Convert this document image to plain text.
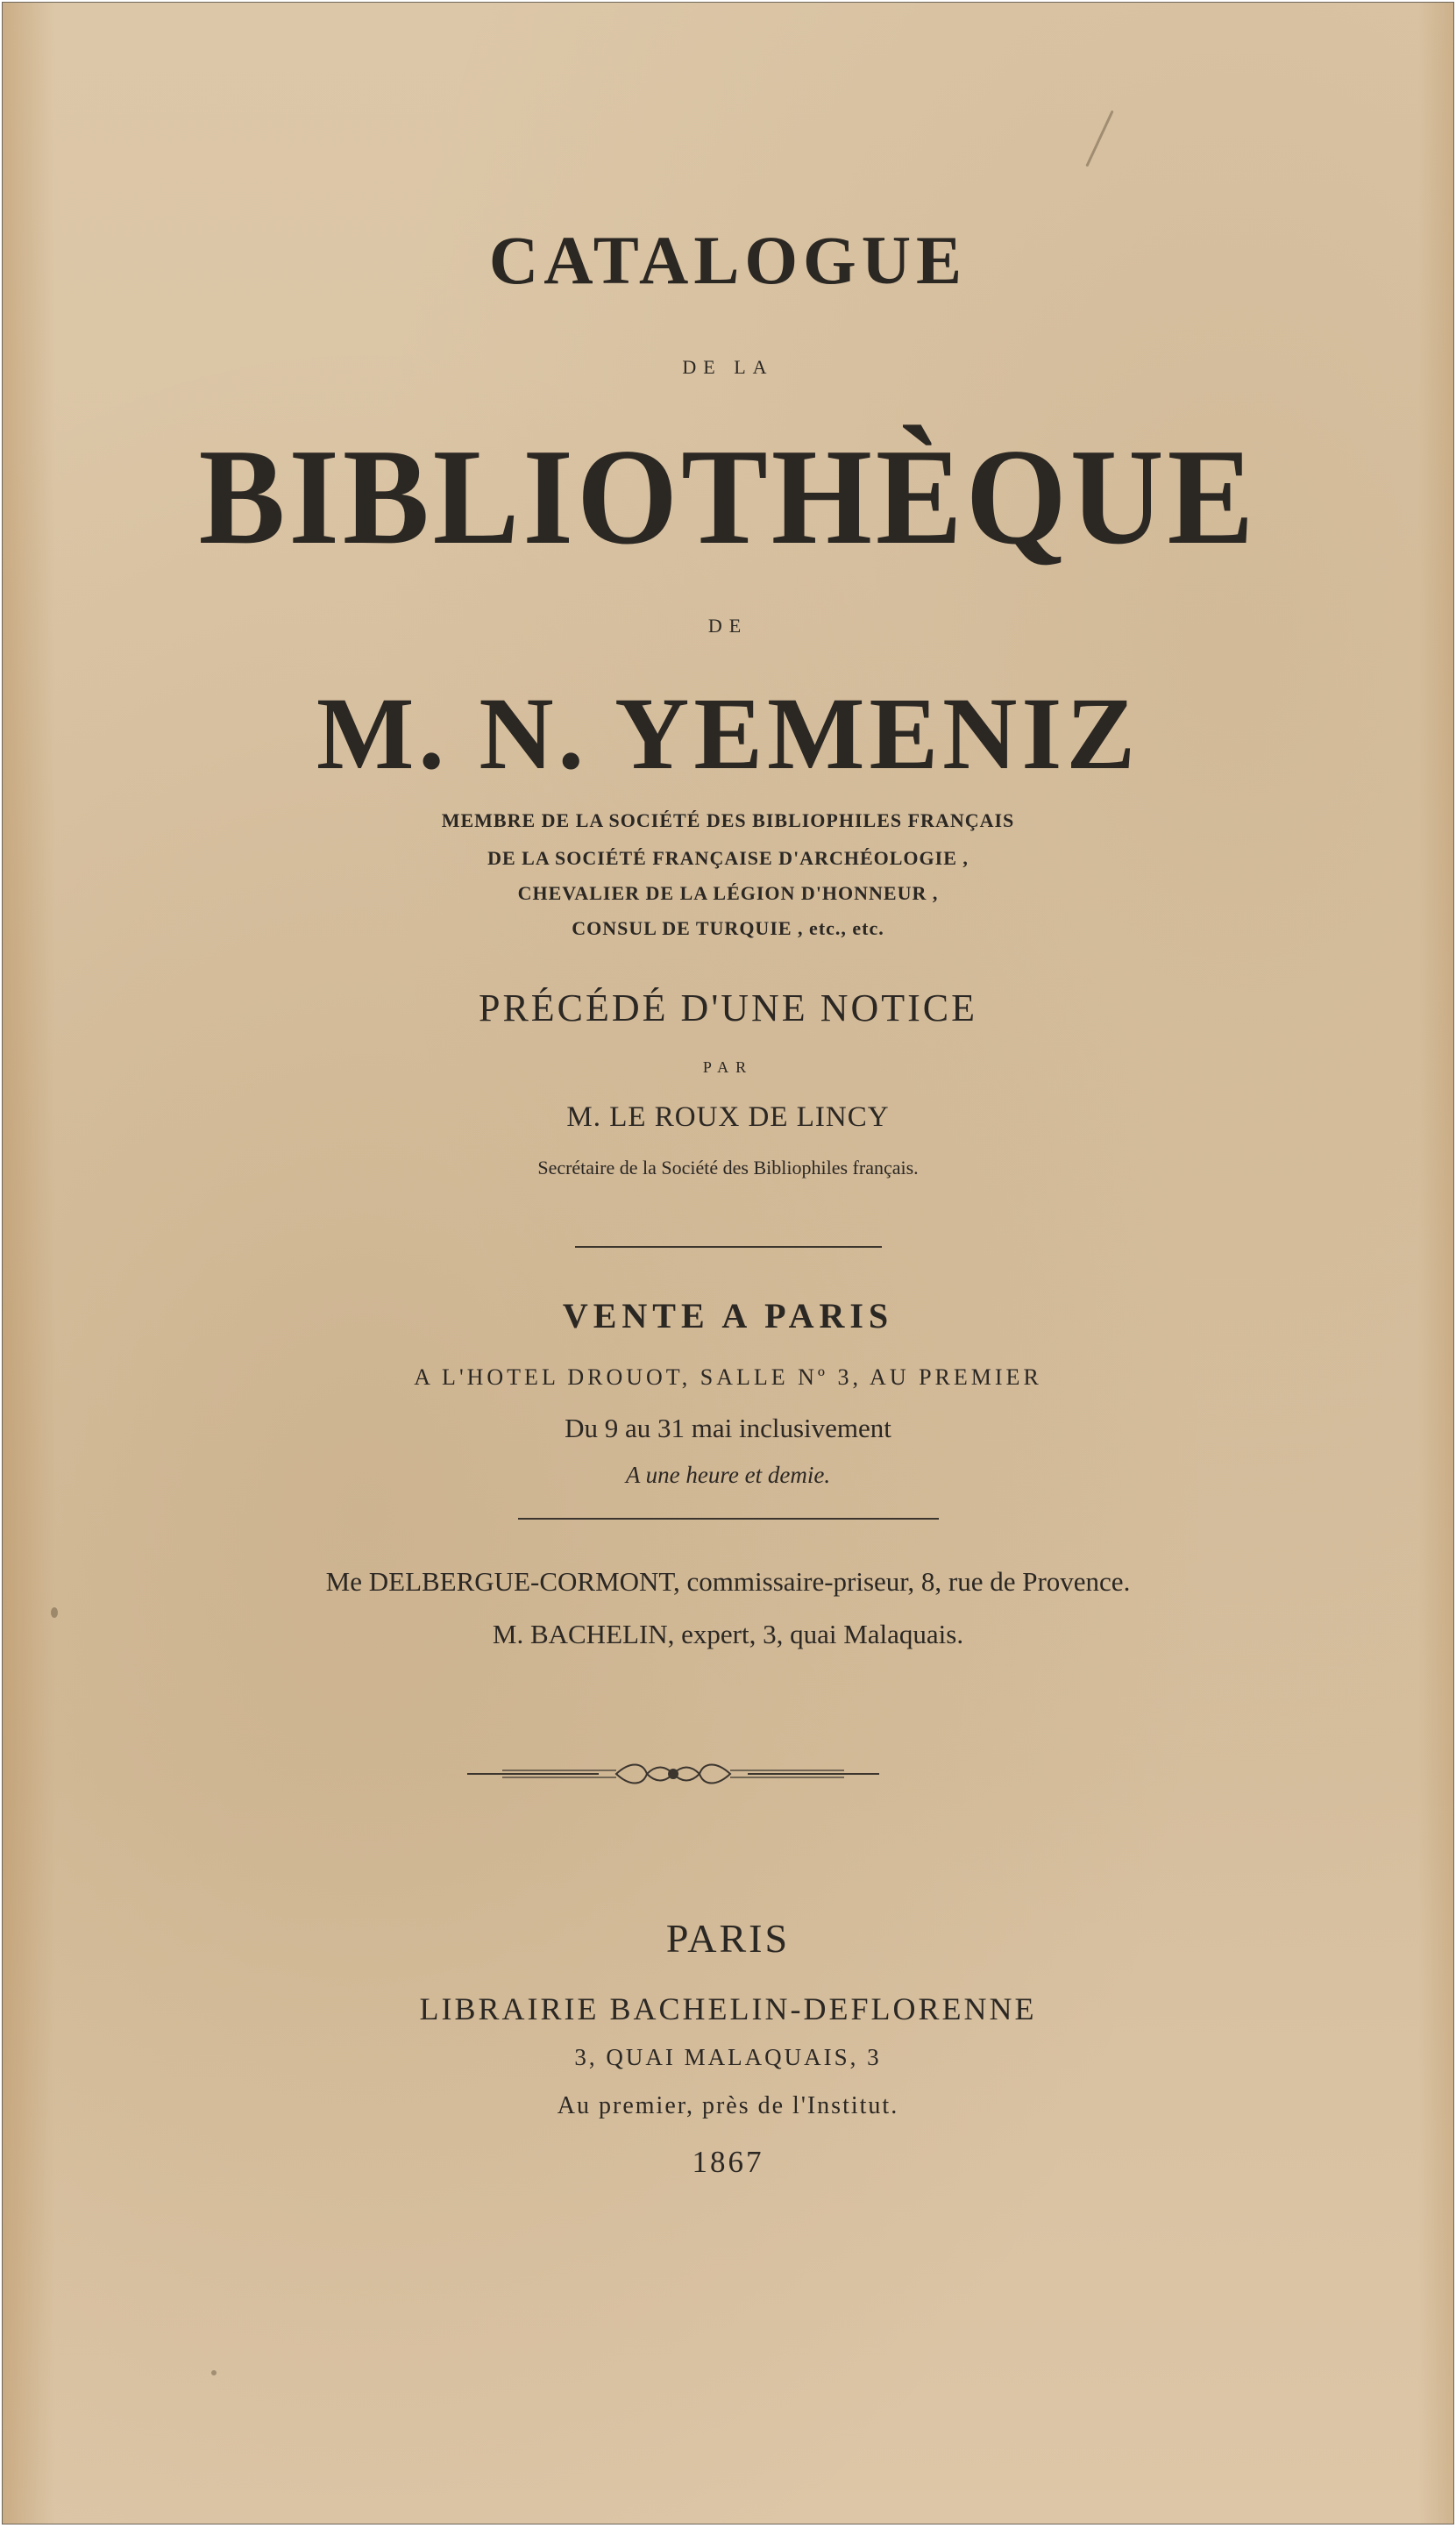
CATALOGUE
DE LA
BIBLIOTHÈQUE
DE
M. N. YEMENIZ
MEMBRE DE LA SOCIÉTÉ DES BIBLIOPHILES FRANÇAIS
DE LA SOCIÉTÉ FRANÇAISE D'ARCHÉOLOGIE ,
CHEVALIER DE LA LÉGION D'HONNEUR ,
CONSUL DE TURQUIE , etc., etc.
PRÉCÉDÉ D'UNE NOTICE
PAR
M. LE ROUX DE LINCY
Secrétaire de la Société des Bibliophiles français.
VENTE A PARIS
A L'HOTEL DROUOT, SALLE Nº 3, AU PREMIER
Du 9 au 31 mai inclusivement
A une heure et demie.
Me DELBERGUE-CORMONT, commissaire-priseur, 8, rue de Provence.
M. BACHELIN, expert, 3, quai Malaquais.
PARIS
LIBRAIRIE BACHELIN-DEFLORENNE
3, QUAI MALAQUAIS, 3
Au premier, près de l'Institut.
1867
